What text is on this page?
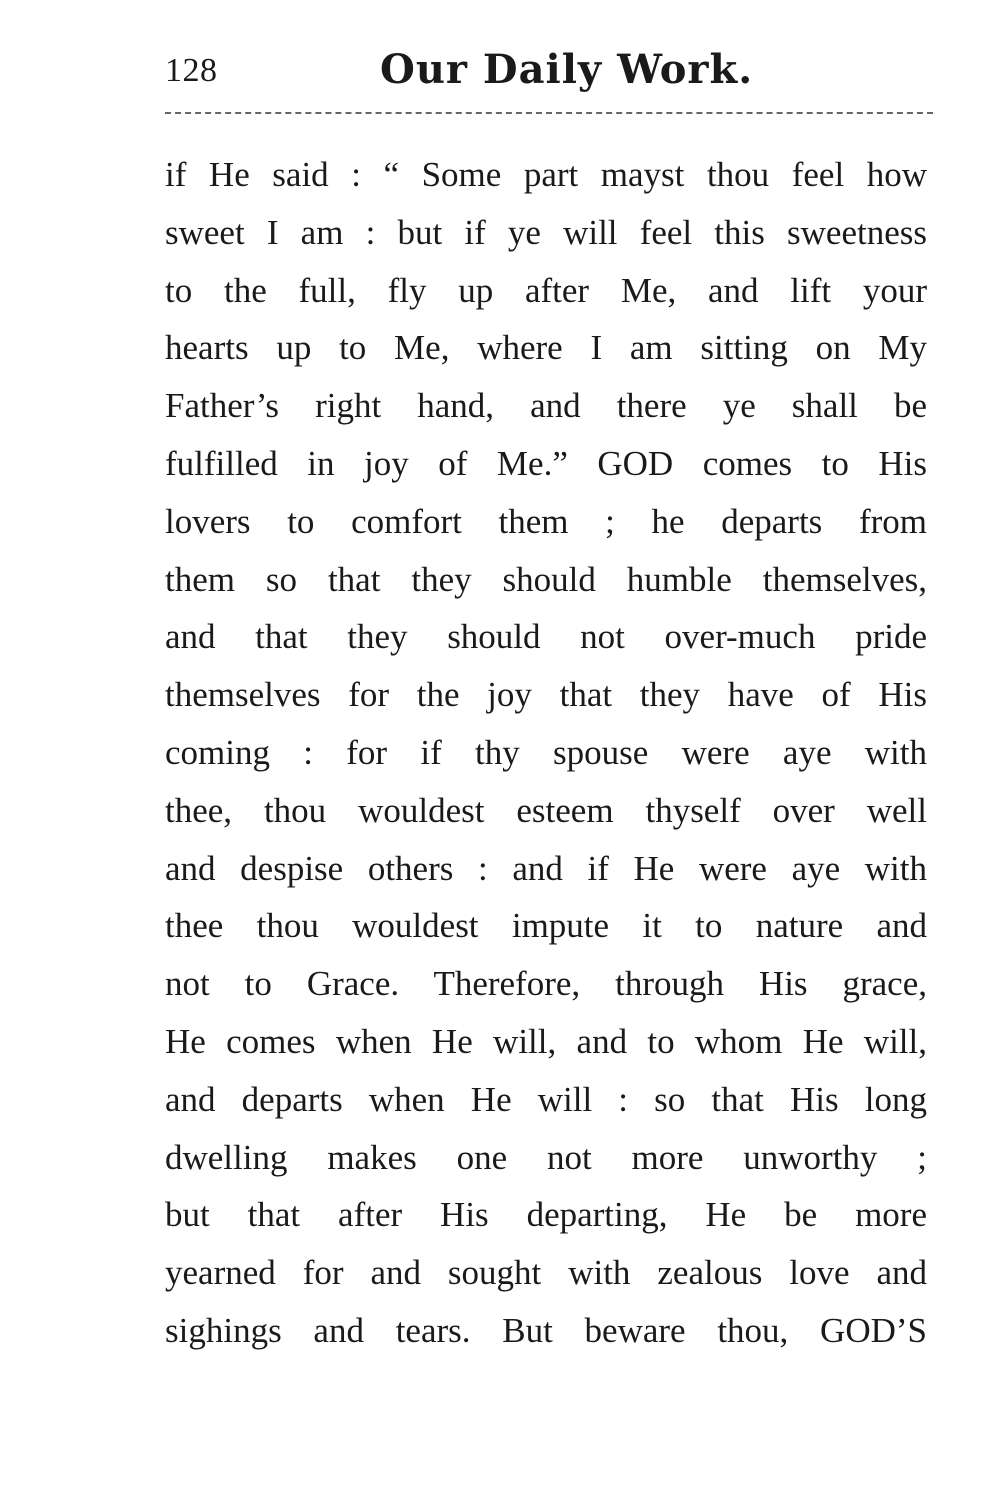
128	Our Daily Work.
if He said : “ Some part mayst thou feel how
sweet I am : but if ye will feel this sweetness
to the full, fly up after Me, and lift your
hearts up to Me, where I am sitting on My
Father’s right hand, and there ye shall be
fulfilled in joy of Me.” GOD comes to His
lovers to comfort them ; he departs from
them so that they should humble themselves,
and that they should not over-much pride
themselves for the joy that they have of His
coming : for if thy spouse were aye with
thee, thou wouldest esteem thyself over well
and despise others : and if He were aye with
thee thou wouldest impute it to nature and
not to Grace. Therefore, through His grace,
He comes when He will, and to whom He will,
and departs when He will : so that His long
dwelling makes one not more unworthy ;
but that after His departing, He be more
yearned for and sought with zealous love and
sighings and tears. But beware thou, GOD’S
